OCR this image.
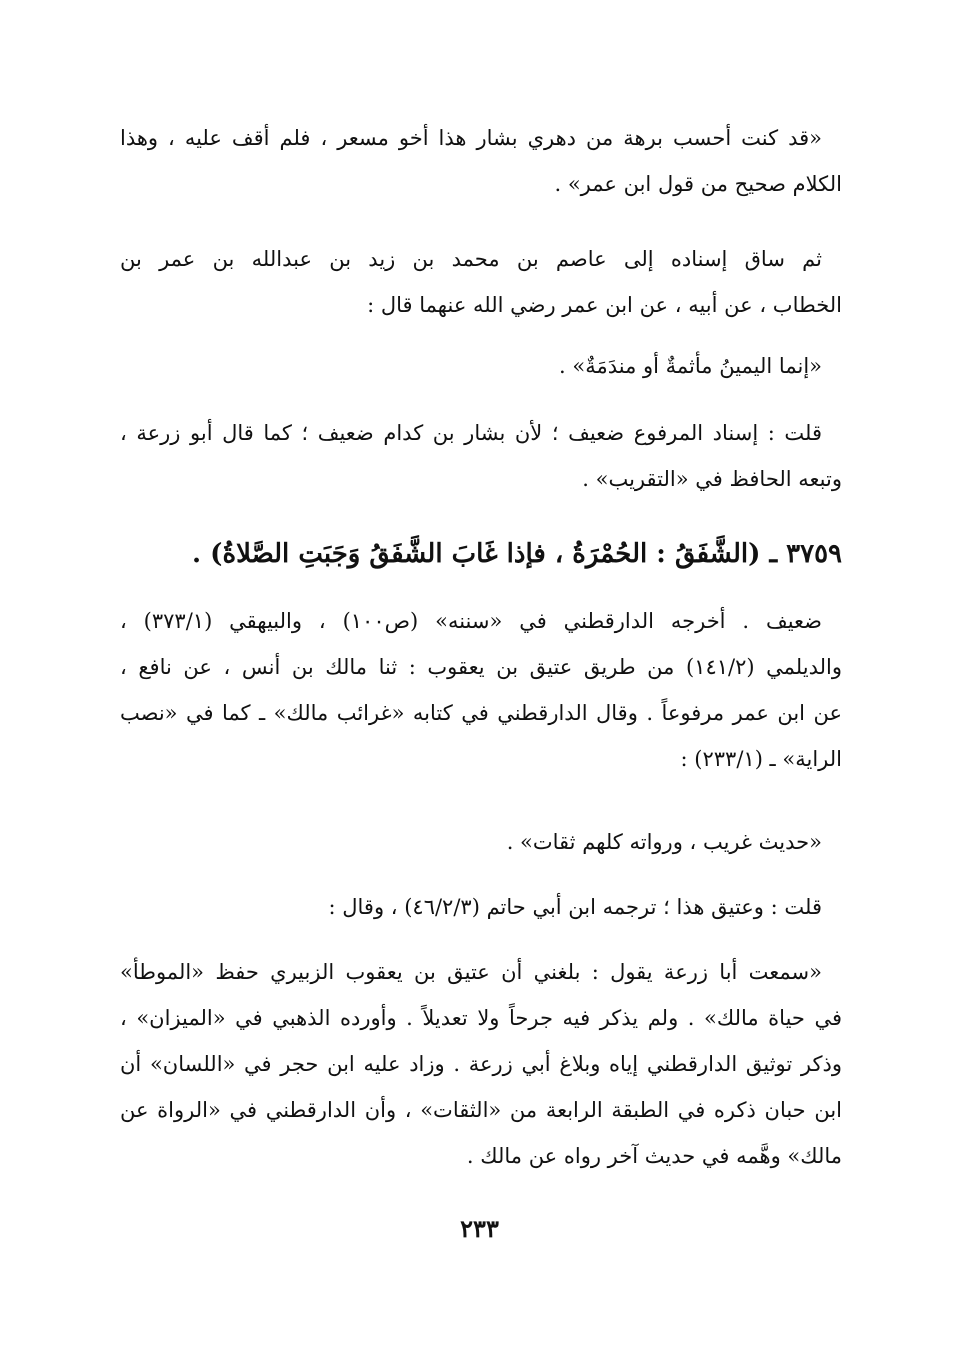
«قد كنت أحسب برهة من دهري بشار هذا أخو مسعر ، فلم أقف عليه ، وهذا
الكلام صحيح من قول ابن عمر» .
ثم ساق إسناده إلى عاصم بن محمد بن زيد بن عبدالله بن عمر بن
الخطاب ، عن أبيه ، عن ابن عمر رضي الله عنهما قال :
«إنما اليمينُ مأثمةٌ أو مندَمَةٌ» .
قلت : إسناد المرفوع ضعيف ؛ لأن بشار بن كدام ضعيف ؛ كما قال أبو زرعة ،
وتبعه الحافظ في «التقريب» .
٣٧٥٩ ـ (الشَّفَقُ : الحُمْرَةُ ، فإذا غَابَ الشَّفَقُ وَجَبَتِ الصَّلاةُ) .
ضعيف . أخرجه الدارقطني في «سننه» (ص١٠٠) ، والبيهقي (٣٧٣/١) ،
والديلمي (١٤١/٢) من طريق عتيق بن يعقوب : ثنا مالك بن أنس ، عن نافع ،
عن ابن عمر مرفوعاً . وقال الدارقطني في كتابه «غرائب مالك» ـ كما في «نصب
الراية» ـ (٢٣٣/١) :
«حديث غريب ، ورواته كلهم ثقات» .
قلت : وعتيق هذا ؛ ترجمه ابن أبي حاتم (٤٦/٢/٣) ، وقال :
«سمعت أبا زرعة يقول : بلغني أن عتيق بن يعقوب الزبيري حفظ «الموطأ»
في حياة مالك» . ولم يذكر فيه جرحاً ولا تعديلاً . وأورده الذهبي في «الميزان» ،
وذكر توثيق الدارقطني إياه وبلاغ أبي زرعة . وزاد عليه ابن حجر في «اللسان» أن
ابن حبان ذكره في الطبقة الرابعة من «الثقات» ، وأن الدارقطني في «الرواة عن
مالك» وهَّمه في حديث آخر رواه عن مالك .
٢٣٣
